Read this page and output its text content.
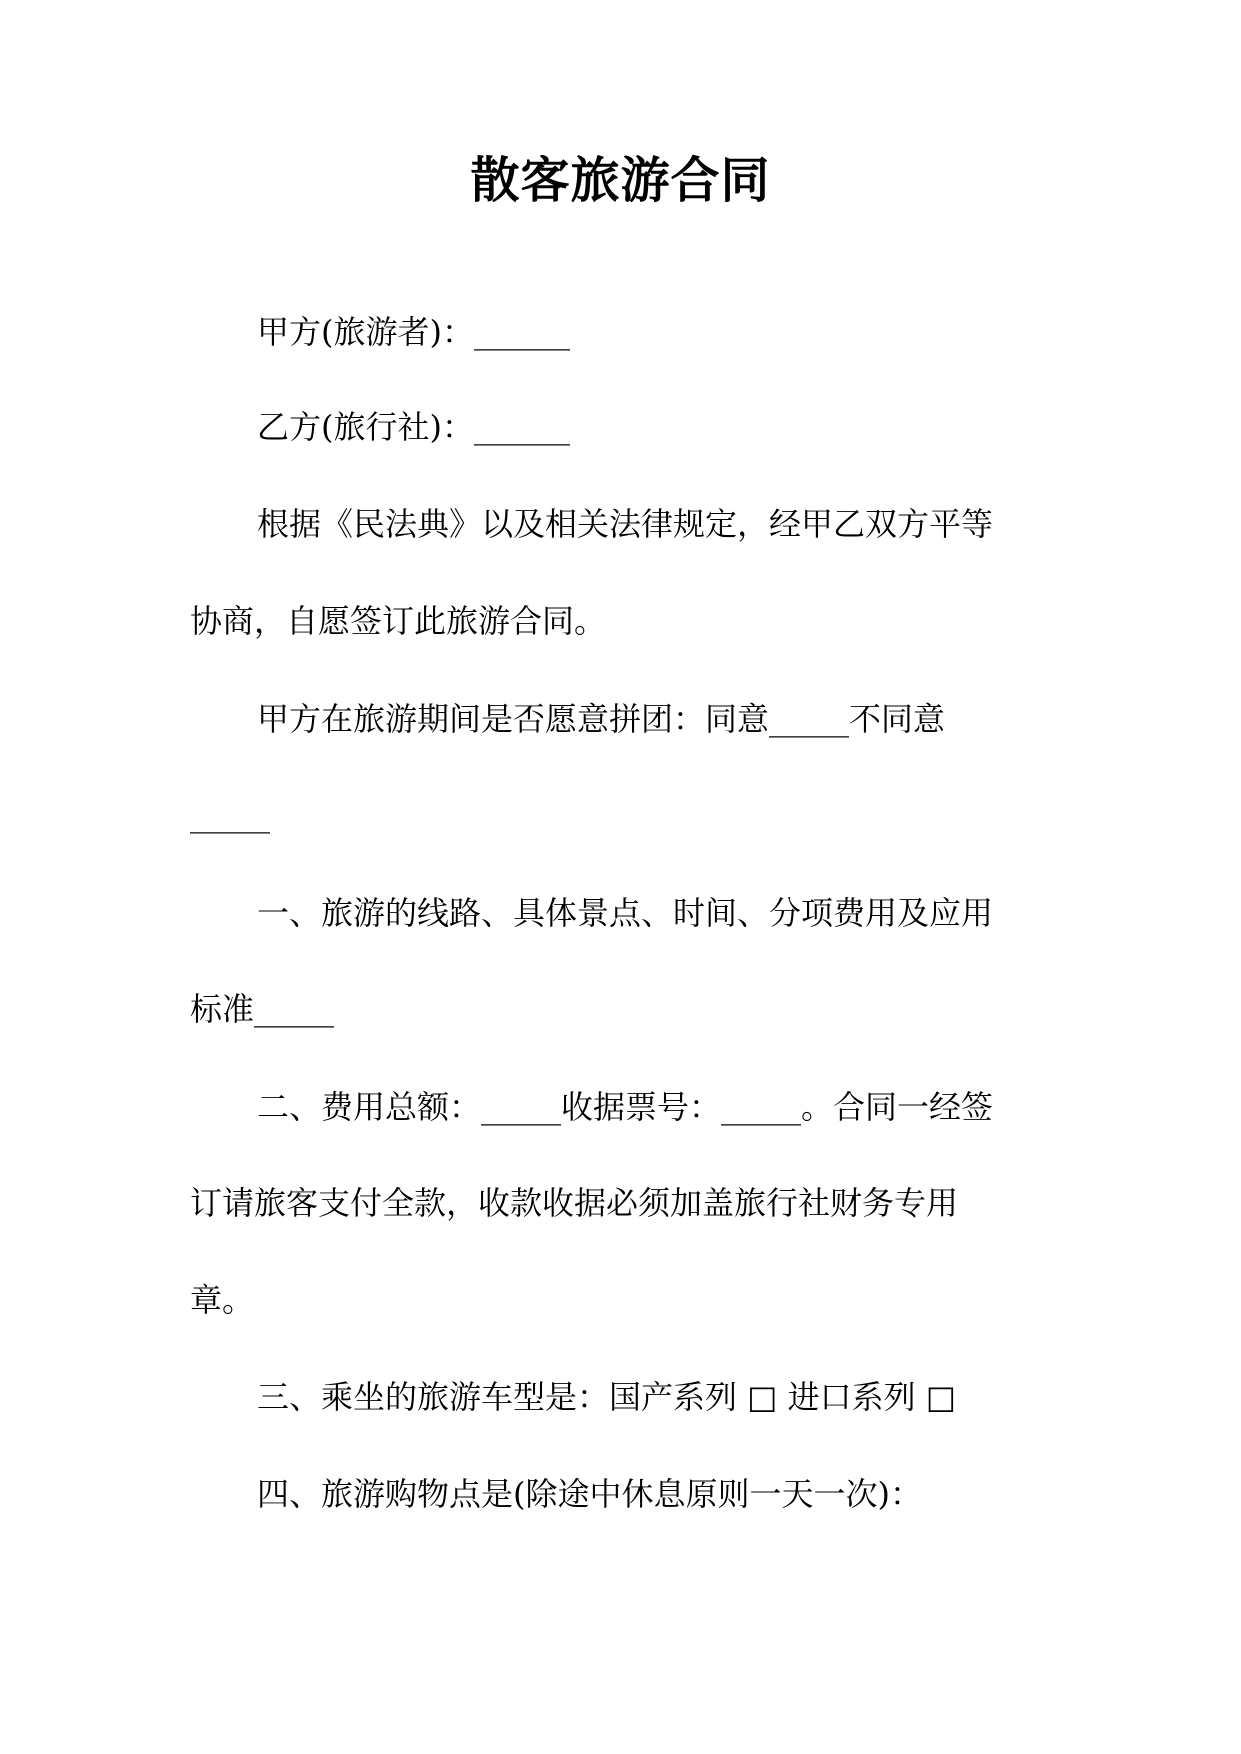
散客旅游合同

甲方(旅游者)：______

乙方(旅行社)：______

根据《民法典》以及相关法律规定，经甲乙双方平等

协商，自愿签订此旅游合同。

甲方在旅游期间是否愿意拼团：同意_____不同意

_____

一、旅游的线路、具体景点、时间、分项费用及应用

标准_____

二、费用总额：_____收据票号：_____。合同一经签

订请旅客支付全款，收款收据必须加盖旅行社财务专用

章。

三、乘坐的旅游车型是：国产系列 □ 进口系列 □

四、旅游购物点是(除途中休息原则一天一次)：
